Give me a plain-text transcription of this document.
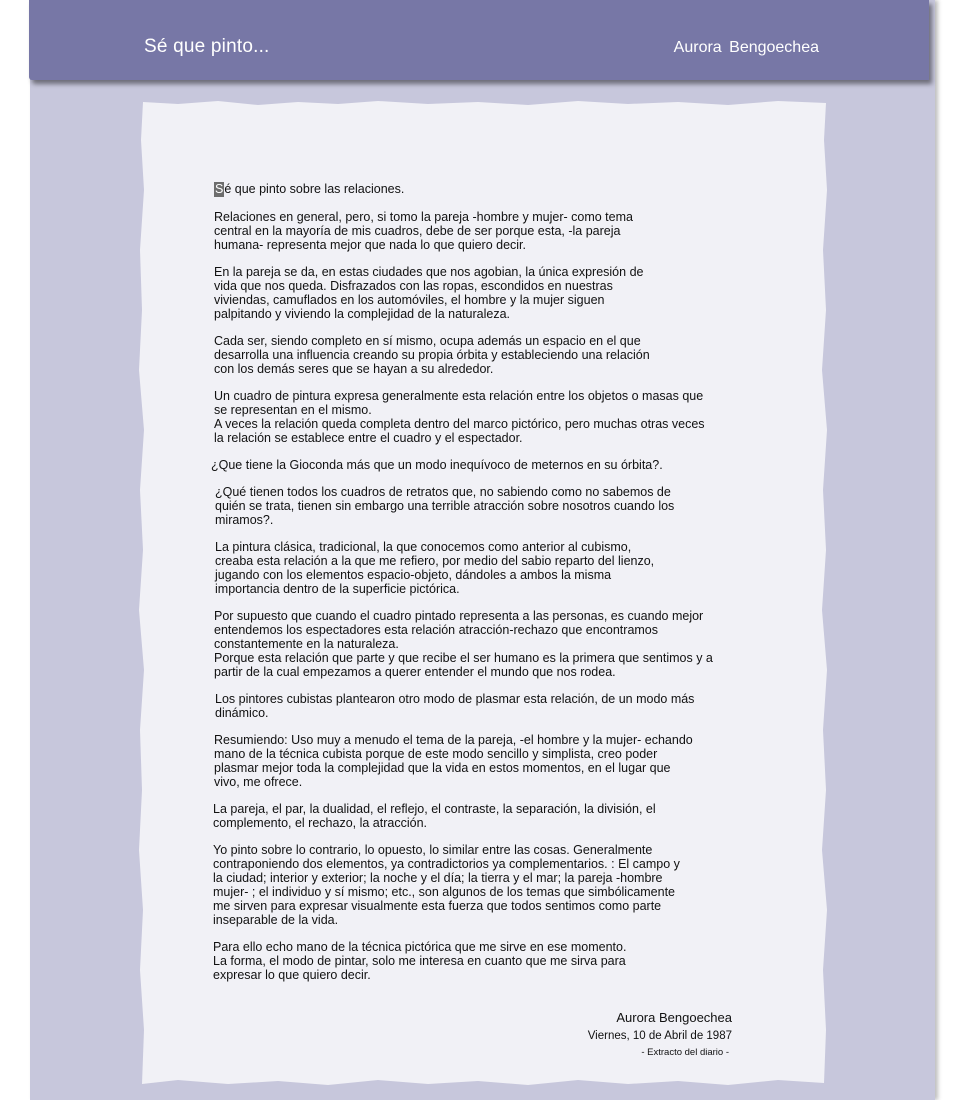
Sé que pinto...	Aurora Bengoechea

Sé que pinto sobre las relaciones.

Relaciones en general, pero, si tomo la pareja -hombre y mujer- como tema
central en la mayoría de mis cuadros, debe de ser porque esta, -la pareja
humana- representa mejor que nada lo que quiero decir.

En la pareja se da, en estas ciudades que nos agobian, la única expresión de
vida que nos queda. Disfrazados con las ropas, escondidos en nuestras
viviendas, camuflados en los automóviles, el hombre y la mujer siguen
palpitando y viviendo la complejidad de la naturaleza.

Cada ser, siendo completo en sí mismo, ocupa además un espacio en el que
desarrolla una influencia creando su propia órbita y estableciendo una relación
con los demás seres que se hayan a su alrededor.

Un cuadro de pintura expresa generalmente esta relación entre los objetos o masas que
se representan en el mismo.
A veces la relación queda completa dentro del marco pictórico, pero muchas otras veces
la relación se establece entre el cuadro y el espectador.

¿Que tiene la Gioconda más que un modo inequívoco de meternos en su órbita?.

¿Qué tienen todos los cuadros de retratos que, no sabiendo como no sabemos de
quién se trata, tienen sin embargo una terrible atracción sobre nosotros cuando los
miramos?.

La pintura clásica, tradicional, la que conocemos como anterior al cubismo,
creaba esta relación a la que me refiero, por medio del sabio reparto del lienzo,
jugando con los elementos espacio-objeto, dándoles a ambos la misma
importancia dentro de la superficie pictórica.

Por supuesto que cuando el cuadro pintado representa a las personas, es cuando mejor
entendemos los espectadores esta relación atracción-rechazo que encontramos
constantemente en la naturaleza.
Porque esta relación que parte y que recibe el ser humano es la primera que sentimos y a
partir de la cual empezamos a querer entender el mundo que nos rodea.

Los pintores cubistas plantearon otro modo de plasmar esta relación, de un modo más
dinámico.

Resumiendo: Uso muy a menudo el tema de la pareja, -el hombre y la mujer- echando
mano de la técnica cubista porque de este modo sencillo y simplista, creo poder
plasmar mejor toda la complejidad que la vida en estos momentos, en el lugar que
vivo, me ofrece.

La pareja, el par, la dualidad, el reflejo, el contraste, la separación, la división, el
complemento, el rechazo, la atracción.

Yo pinto sobre lo contrario, lo opuesto, lo similar entre las cosas. Generalmente
contraponiendo dos elementos, ya contradictorios ya complementarios. : El campo y
la ciudad; interior y exterior; la noche y el día; la tierra y el mar; la pareja -hombre
mujer- ; el individuo y sí mismo; etc., son algunos de los temas que simbólicamente
me sirven para expresar visualmente esta fuerza que todos sentimos como parte
inseparable de la vida.

Para ello echo mano de la técnica pictórica que me sirve en ese momento.
La forma, el modo de pintar, solo me interesa en cuanto que me sirva para
expresar lo que quiero decir.

Aurora Bengoechea
Viernes, 10 de Abril de 1987
- Extracto del diario -
